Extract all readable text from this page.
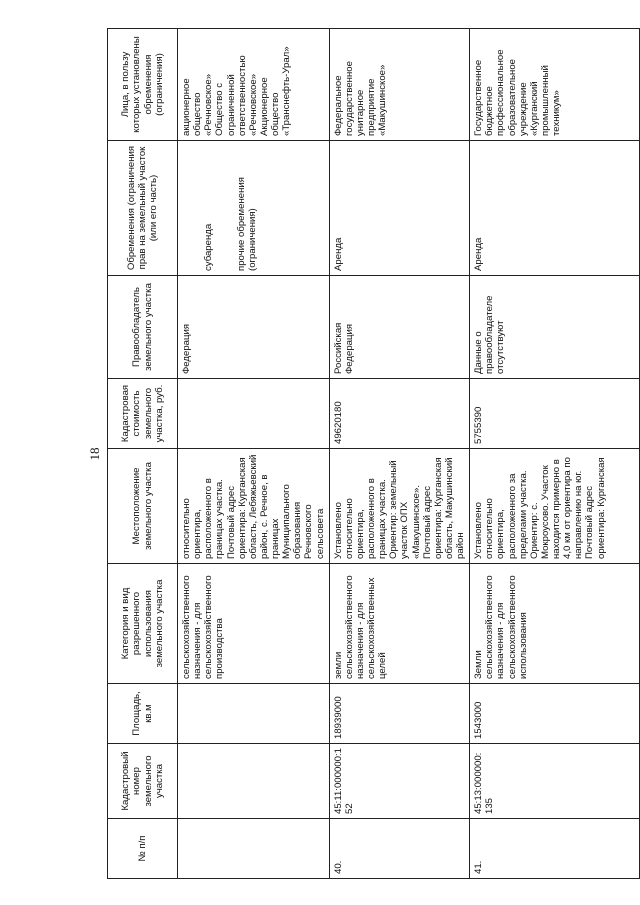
18
№ п/п	Кадастровый номер земельного участка	Площадь, кв.м	Категория и вид разрешенного использования земельного участка	Местоположение земельного участка	Кадастровая стоимость земельного участка, руб.	Правообладатель земельного участка	Обременения (ограничения прав на земельный участок (или его часть)	Лица, в пользу которых установлены обременения (ограничения)
			сельскохозяйственного назначения - для сельскохозяйственного производства	относительно ориентира, расположенного в границах участка. Почтовый адрес ориентира: Курганская область, Лебяжьевский район, с. Речное, в границах Муниципального образования Речновского сельсовета		Федерация	субаренда прочие обременения (ограничения)	акционерное общество «Речновское» Общество с ограниченной ответственностью «Речновское» Акционерное общество «Транснефть-Урал»
40.	45:11:000000:152	18939000	земли сельскохозяйственного назначения - для сельскохозяйственных целей	Установлено относительно ориентира, расположенного в границах участка. Ориентир: земельный участок ОПХ «Макушинское». Почтовый адрес ориентира: Курганская область, Макушинский район	49620180	Российская Федерация	Аренда	Федеральное государственное унитарное предприятие «Макушинское»
41.	45:13:000000:135	1543000	Земли сельскохозяйственного назначения - для сельскохозяйственного использования	Установлено относительно ориентира, расположенного за пределами участка. Ориентир: с. Мокроусово. Участок находится примерно в 4,0 км от ориентира по направлению на юг. Почтовый адрес ориентира: Курганская	5755390	Данные о правообладателе отсутствуют	Аренда	Государственное бюджетное профессиональное образовательное учреждение «Курганский промышленный техникум»
